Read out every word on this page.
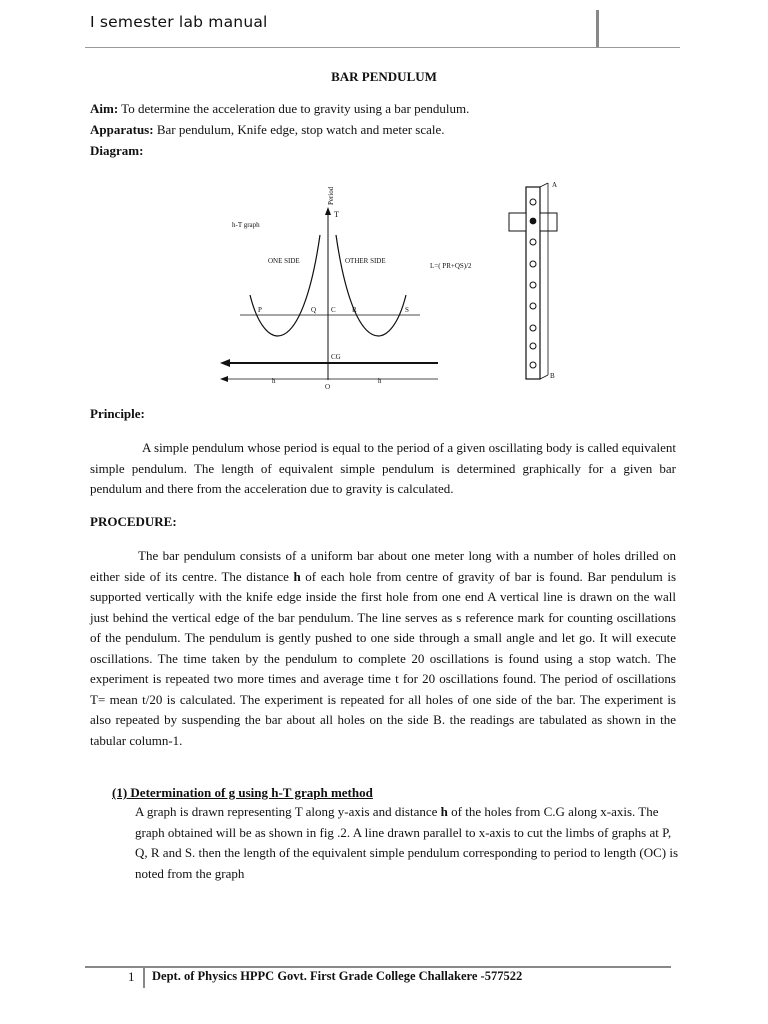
I semester lab manual
BAR PENDULUM
Aim: To determine the acceleration due to gravity using a bar pendulum.
Apparatus: Bar pendulum, Knife edge, stop watch and meter scale.
Diagram:
Period
T
h-T graph
ONE SIDE	OTHER SIDE
L=( PR+QS)/2
P	Q C R	S
CG
h	h
O
A
B
Principle:

A simple pendulum whose period is equal to the period of a given oscillating body is called equivalent simple pendulum. The length of equivalent simple pendulum is determined graphically for a given bar pendulum and there from the acceleration due to gravity is calculated.

PROCEDURE:

The bar pendulum consists of a uniform bar about one meter long with a number of holes drilled on either side of its centre. The distance h of each hole from centre of gravity of bar is found. Bar pendulum is supported vertically with the knife edge inside the first hole from one end A vertical line is drawn on the wall just behind the vertical edge of the bar pendulum. The line serves as s reference mark for counting oscillations of the pendulum. The pendulum is gently pushed to one side through a small angle and let go. It will execute oscillations. The time taken by the pendulum to complete 20 oscillations is found using a stop watch. The experiment is repeated two more times and average time t for 20 oscillations found. The period of oscillations T= mean t/20 is calculated. The experiment is repeated for all holes of one side of the bar. The experiment is also repeated by suspending the bar about all holes on the side B. the readings are tabulated as shown in the tabular column-1.

(1) Determination of g using h-T graph method
A graph is drawn representing T along y-axis and distance h of the holes from C.G along x-axis. The graph obtained will be as shown in fig .2. A line drawn parallel to x-axis to cut the limbs of graphs at P, Q, R and S. then the length of the equivalent simple pendulum corresponding to period to length (OC) is noted from the graph
1 Dept. of Physics HPPC Govt. First Grade College Challakere -577522
